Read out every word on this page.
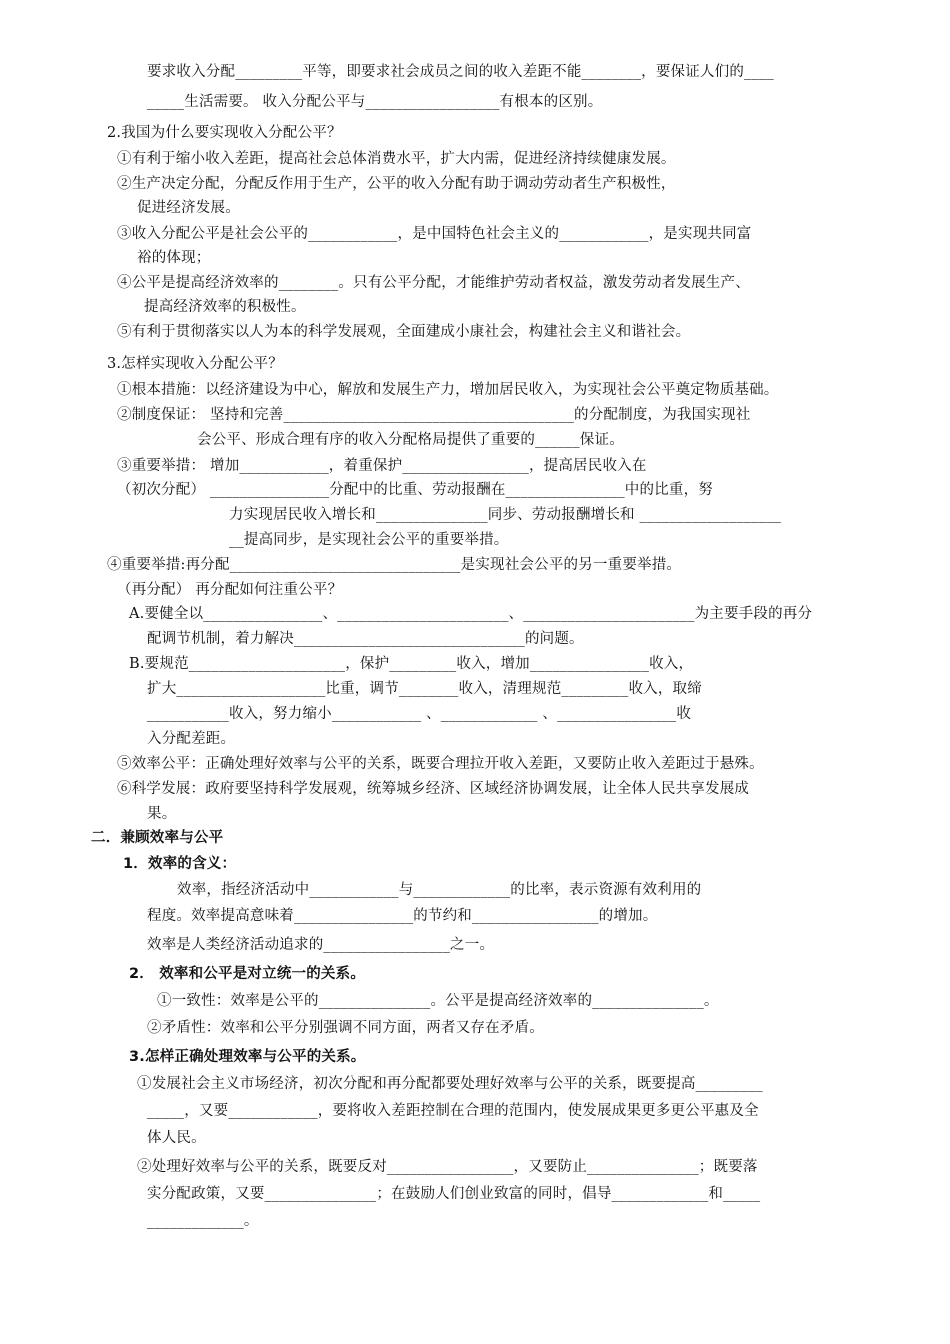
要求收入分配_________平等，即要求社会成员之间的收入差距不能________，要保证人们的____
_____生活需要。 收入分配公平与__________________有根本的区别。
2.我国为什么要实现收入分配公平？
①有利于缩小收入差距，提高社会总体消费水平，扩大内需，促进经济持续健康发展。
②生产决定分配，分配反作用于生产，公平的收入分配有助于调动劳动者生产积极性，
促进经济发展。
③收入分配公平是社会公平的____________，是中国特色社会主义的____________，是实现共同富
裕的体现；
④公平是提高经济效率的________。只有公平分配，才能维护劳动者权益，激发劳动者发展生产、
提高经济效率的积极性。
⑤有利于贯彻落实以人为本的科学发展观，全面建成小康社会，构建社会主义和谐社会。
3.怎样实现收入分配公平？
①根本措施：以经济建设为中心，解放和发展生产力，增加居民收入，为实现社会公平奠定物质基础。
②制度保证： 坚持和完善_______________________________________的分配制度，为我国实现社
会公平、形成合理有序的收入分配格局提供了重要的______保证。
③重要举措： 增加____________，着重保护_________________，提高居民收入在
（初次分配） ________________分配中的比重、劳动报酬在________________中的比重，努
力实现居民收入增长和_______________同步、劳动报酬增长和 ___________________
__提高同步，是实现社会公平的重要举措。
④重要举措:再分配_______________________________是实现社会公平的另一重要举措。
（再分配） 再分配如何注重公平？
A.要健全以________________、_______________________、_______________________为主要手段的再分
配调节机制，着力解决_______________________________的问题。
B.要规范_____________________，保护_________收入，增加________________收入，
扩大____________________比重，调节________收入，清理规范_________收入，取缔
___________收入，努力缩小____________ 、_____________ 、________________收
入分配差距。
⑤效率公平：正确处理好效率与公平的关系，既要合理拉开收入差距，又要防止收入差距过于悬殊。
⑥科学发展：政府要坚持科学发展观，统筹城乡经济、区域经济协调发展，让全体人民共享发展成
果。
二．兼顾效率与公平
1．效率的含义：
效率，指经济活动中____________与_____________的比率，表示资源有效利用的
程度。效率提高意味着________________的节约和_________________的增加。
效率是人类经济活动追求的_________________之一。
2． 效率和公平是对立统一的关系。
①一致性：效率是公平的_______________。公平是提高经济效率的_______________。
②矛盾性：效率和公平分别强调不同方面，两者又存在矛盾。
3.怎样正确处理效率与公平的关系。
①发展社会主义市场经济，初次分配和再分配都要处理好效率与公平的关系，既要提高_________
_____，又要____________，要将收入差距控制在合理的范围内，使发展成果更多更公平惠及全
体人民。
②处理好效率与公平的关系，既要反对_________________，又要防止_______________；既要落
实分配政策，又要_______________；在鼓励人们创业致富的同时，倡导_____________和_____
_____________。
